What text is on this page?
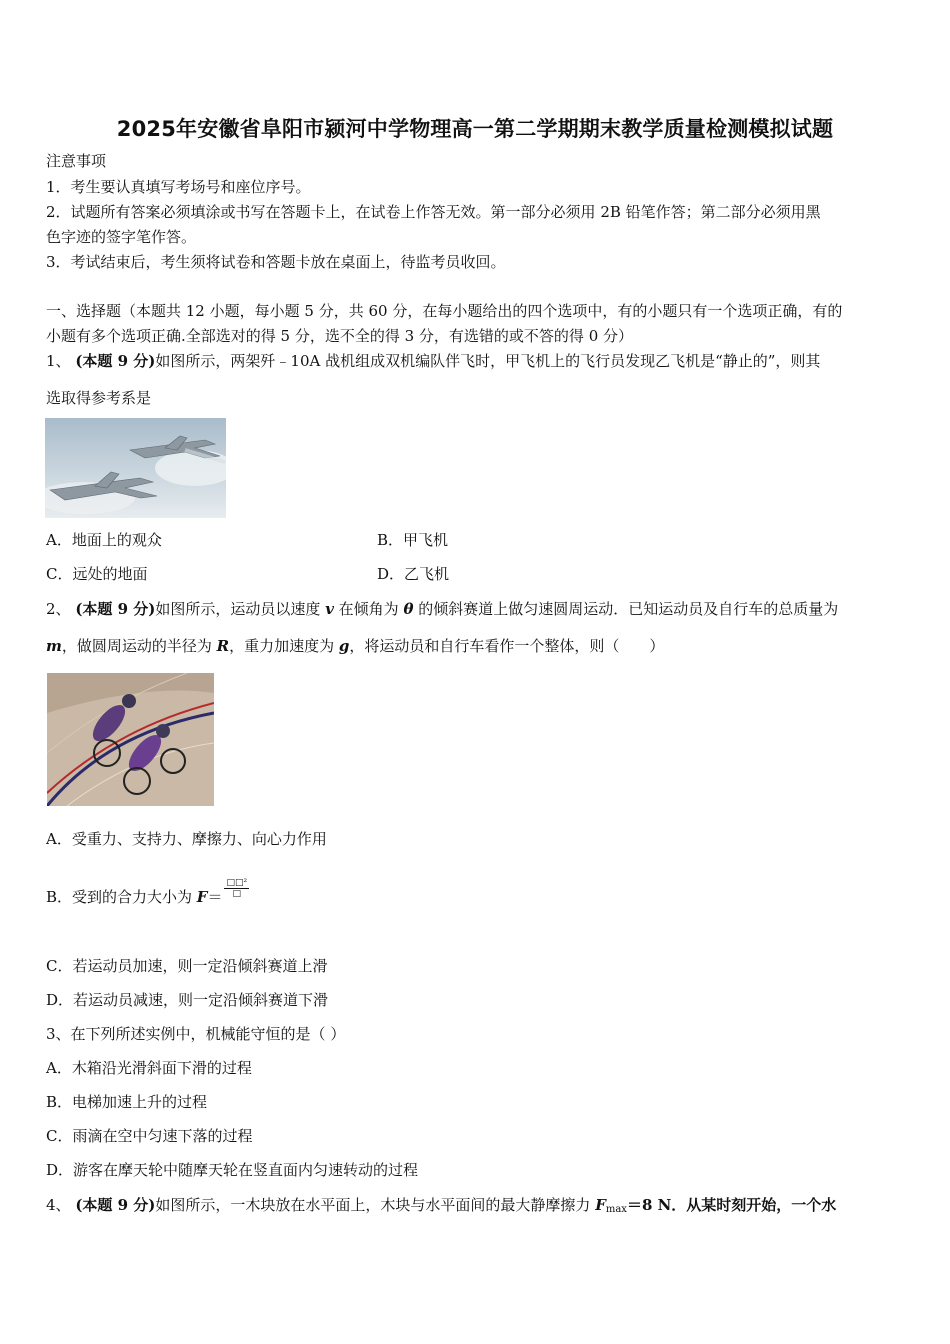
2025年安徽省阜阳市颍河中学物理高一第二学期期末教学质量检测模拟试题
注意事项
1．考生要认真填写考场号和座位序号。
2．试题所有答案必须填涂或书写在答题卡上，在试卷上作答无效。第一部分必须用 2B 铅笔作答；第二部分必须用黑
色字迹的签字笔作答。
3．考试结束后，考生须将试卷和答题卡放在桌面上，待监考员收回。
一、选择题（本题共 12 小题，每小题 5 分，共 60 分，在每小题给出的四个选项中，有的小题只有一个选项正确，有的
小题有多个选项正确.全部选对的得 5 分，选不全的得 3 分，有选错的或不答的得 0 分）
1、 (本题 9 分)如图所示，两架歼﹣10A 战机组成双机编队伴飞时，甲飞机上的飞行员发现乙飞机是“静止的”，则其
选取得参考系是
A．地面上的观众	B．甲飞机
C．远处的地面	D．乙飞机
2、 (本题 9 分)如图所示，运动员以速度 v 在倾角为 θ 的倾斜赛道上做匀速圆周运动．已知运动员及自行车的总质量为
m，做圆周运动的半径为 R，重力加速度为 g，将运动员和自行车看作一个整体，则（　　）
A．受重力、支持力、摩擦力、向心力作用
B．受到的合力大小为 $F= \frac{\text{□□²}}{□}$
C．若运动员加速，则一定沿倾斜赛道上滑
D．若运动员减速，则一定沿倾斜赛道下滑
3、在下列所述实例中，机械能守恒的是（ ）
A．木箱沿光滑斜面下滑的过程
B．电梯加速上升的过程
C．雨滴在空中匀速下落的过程
D．游客在摩天轮中随摩天轮在竖直面内匀速转动的过程
4、 (本题 9 分)如图所示，一木块放在水平面上，木块与水平面间的最大静摩擦力 $F_{max}=8$ N．从某时刻开始，一个水
